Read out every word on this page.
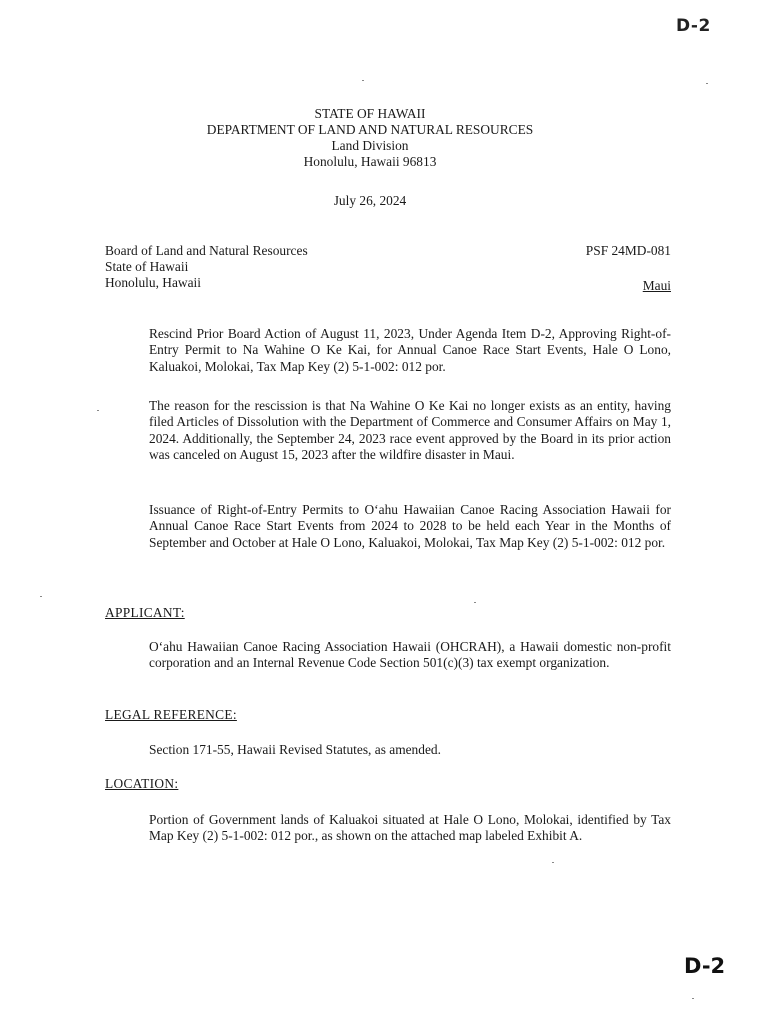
D-2
STATE OF HAWAII
DEPARTMENT OF LAND AND NATURAL RESOURCES
Land Division
Honolulu, Hawaii 96813
July 26, 2024
Board of Land and Natural Resources
State of Hawaii
Honolulu, Hawaii
PSF 24MD-081
Maui
Rescind Prior Board Action of August 11, 2023, Under Agenda Item D-2, Approving Right-of-Entry Permit to Na Wahine O Ke Kai, for Annual Canoe Race Start Events, Hale O Lono, Kaluakoi, Molokai, Tax Map Key (2) 5-1-002: 012 por.
The reason for the rescission is that Na Wahine O Ke Kai no longer exists as an entity, having filed Articles of Dissolution with the Department of Commerce and Consumer Affairs on May 1, 2024. Additionally, the September 24, 2023 race event approved by the Board in its prior action was canceled on August 15, 2023 after the wildfire disaster in Maui.
Issuance of Right-of-Entry Permits to O‘ahu Hawaiian Canoe Racing Association Hawaii for Annual Canoe Race Start Events from 2024 to 2028 to be held each Year in the Months of September and October at Hale O Lono, Kaluakoi, Molokai, Tax Map Key (2) 5-1-002: 012 por.
APPLICANT:
O‘ahu Hawaiian Canoe Racing Association Hawaii (OHCRAH), a Hawaii domestic non-profit corporation and an Internal Revenue Code Section 501(c)(3) tax exempt organization.
LEGAL REFERENCE:
Section 171-55, Hawaii Revised Statutes, as amended.
LOCATION:
Portion of Government lands of Kaluakoi situated at Hale O Lono, Molokai, identified by Tax Map Key (2) 5-1-002: 012 por., as shown on the attached map labeled Exhibit A.
D-2
